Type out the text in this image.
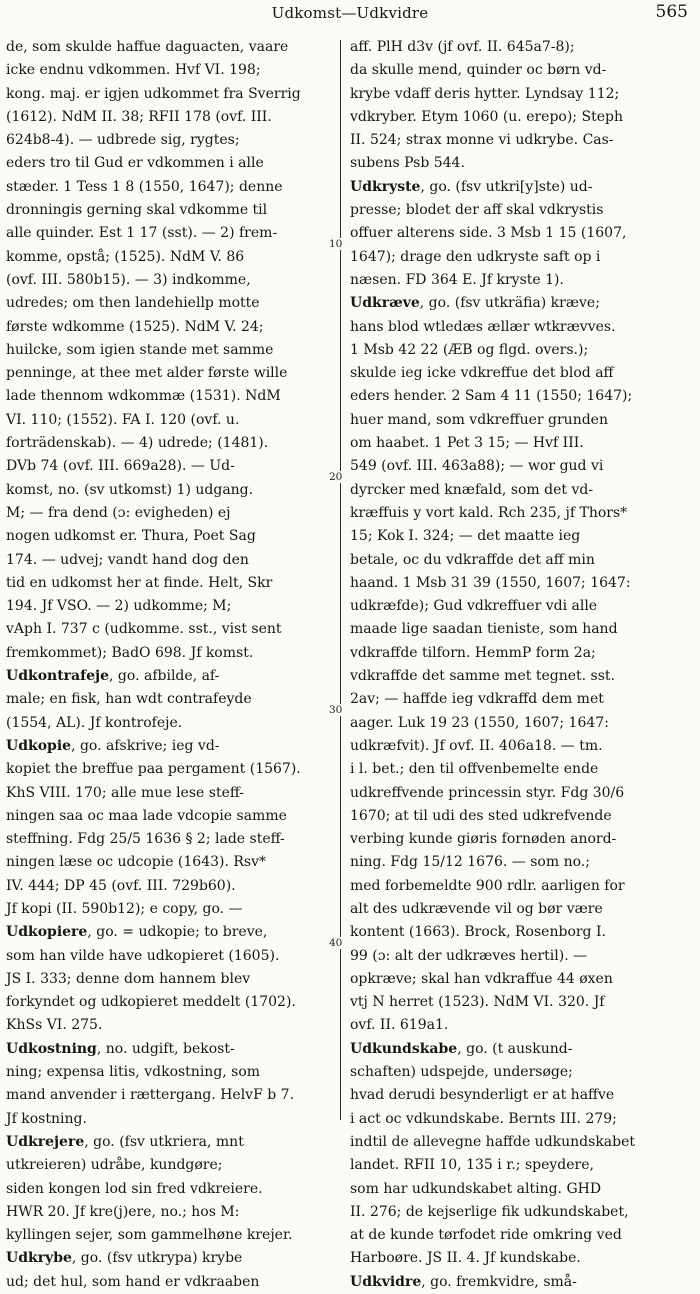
Udkomst—Udkvidre	565
de, som skulde haffue daguacten, vaare
icke endnu vdkommen. Hvf VI. 198;
kong. maj. er igjen udkommet fra Sverrig
(1612). NdM II. 38; RFII 178 (ovf. III.
624b8-4). — udbrede sig, rygtes;
eders tro til Gud er vdkommen i alle
stæder. 1 Tess 1 8 (1550, 1647); denne
dronningis gerning skal vdkomme til
alle quinder. Est 1 17 (sst). — 2) frem-
komme, opstå; (1525). NdM V. 86
(ovf. III. 580b15). — 3) indkomme,
udredes; om then landehiellp motte
første wdkomme (1525). NdM V. 24;
huilcke, som igien stande met samme
penninge, at thee met alder første wille
lade thennom wdkommæ (1531). NdM
VI. 110; (1552). FA I. 120 (ovf. u.
forträdenskab). — 4) udrede; (1481).
DVb 74 (ovf. III. 669a28). — Ud-
komst, no. (sv utkomst) 1) udgang.
M; — fra dend (ɔ: evigheden) ej
nogen udkomst er. Thura, Poet Sag
174. — udvej; vandt hand dog den
tid en udkomst her at finde. Helt, Skr
194. Jf VSO. — 2) udkomme; M;
vAph I. 737 c (udkomme. sst., vist sent
fremkommet); BadO 698. Jf komst.
Udkontrafeje, go. afbilde, af-
male; en fisk, han wdt contrafeyde
(1554, AL). Jf kontrofeje.
Udkopie, go. afskrive; ieg vd-
kopiet the breffue paa pergament (1567).
KhS VIII. 170; alle mue lese steff-
ningen saa oc maa lade vdcopie samme
steffning. Fdg 25/5 1636 § 2; lade steff-
ningen læse oc udcopie (1643). Rsv*
IV. 444; DP 45 (ovf. III. 729b60).
Jf kopi (II. 590b12); e copy, go. —
Udkopiere, go. = udkopie; to breve,
som han vilde have udkopieret (1605).
JS I. 333; denne dom hannem blev
forkyndet og udkopieret meddelt (1702).
KhSs VI. 275.
Udkostning, no. udgift, bekost-
ning; expensa litis, vdkostning, som
mand anvender i rættergang. HelvF b 7.
Jf kostning.
Udkrejere, go. (fsv utkriera, mnt
utkreieren) udråbe, kundgøre;
siden kongen lod sin fred vdkreiere.
HWR 20. Jf kre(j)ere, no.; hos M:
kyllingen sejer, som gammelhøne krejer.
Udkrybe, go. (fsv utkrypa) krybe
ud; det hul, som hand er vdkraaben
aff. PlH d3v (jf ovf. II. 645a7-8);
da skulle mend, quinder oc børn vd-
krybe vdaff deris hytter. Lyndsay 112;
vdkryber. Etym 1060 (u. erepo); Steph
II. 524; strax monne vi udkrybe. Cas-
subens Psb 544.
Udkryste, go. (fsv utkri[y]ste) ud-
presse; blodet der aff skal vdkrystis
offuer alterens side. 3 Msb 1 15 (1607,
1647); drage den udkryste saft op i
næsen. FD 364 E. Jf kryste 1).
Udkræve, go. (fsv utkräfia) kræve;
hans blod wtledæs ællær wtkrævves.
1 Msb 42 22 (ÆB og flgd. overs.);
skulde ieg icke vdkreffue det blod aff
eders hender. 2 Sam 4 11 (1550; 1647);
huer mand, som vdkreffuer grunden
om haabet. 1 Pet 3 15; — Hvf III.
549 (ovf. III. 463a88); — wor gud vi
dyrcker med knæfald, som det vd-
kræffuis y vort kald. Rch 235, jf Thors*
15; Kok I. 324; — det maatte ieg
betale, oc du vdkraffde det aff min
haand. 1 Msb 31 39 (1550, 1607; 1647:
udkræfde); Gud vdkreffuer vdi alle
maade lige saadan tieniste, som hand
vdkraffde tilforn. HemmP form 2a;
vdkraffde det samme met tegnet. sst.
2av; — haffde ieg vdkraffd dem met
aager. Luk 19 23 (1550, 1607; 1647:
udkræfvit). Jf ovf. II. 406a18. — tm.
i l. bet.; den til offvenbemelte ende
udkreffvende princessin styr. Fdg 30/6
1670; at til udi des sted udkrefvende
verbing kunde giøris fornøden anord-
ning. Fdg 15/12 1676. — som no.;
med forbemeldte 900 rdlr. aarligen for
alt des udkrævende vil og bør være
kontent (1663). Brock, Rosenborg I.
99 (ɔ: alt der udkræves hertil). —
opkræve; skal han vdkraffue 44 øxen
vtj N herret (1523). NdM VI. 320. Jf
ovf. II. 619a1.
Udkundskabe, go. (t auskund-
schaften) udspejde, undersøge;
hvad derudi besynderligt er at haffve
i act oc vdkundskabe. Bernts III. 279;
indtil de allevegne haffde udkundskabet
landet. RFII 10, 135 i r.; speydere,
som har udkundskabet alting. GHD
II. 276; de kejserlige fik udkundskabet,
at de kunde tørfodet ride omkring ved
Harboøre. JS II. 4. Jf kundskabe.
Udkvidre, go. fremkvidre, små-
10
20
30
40
